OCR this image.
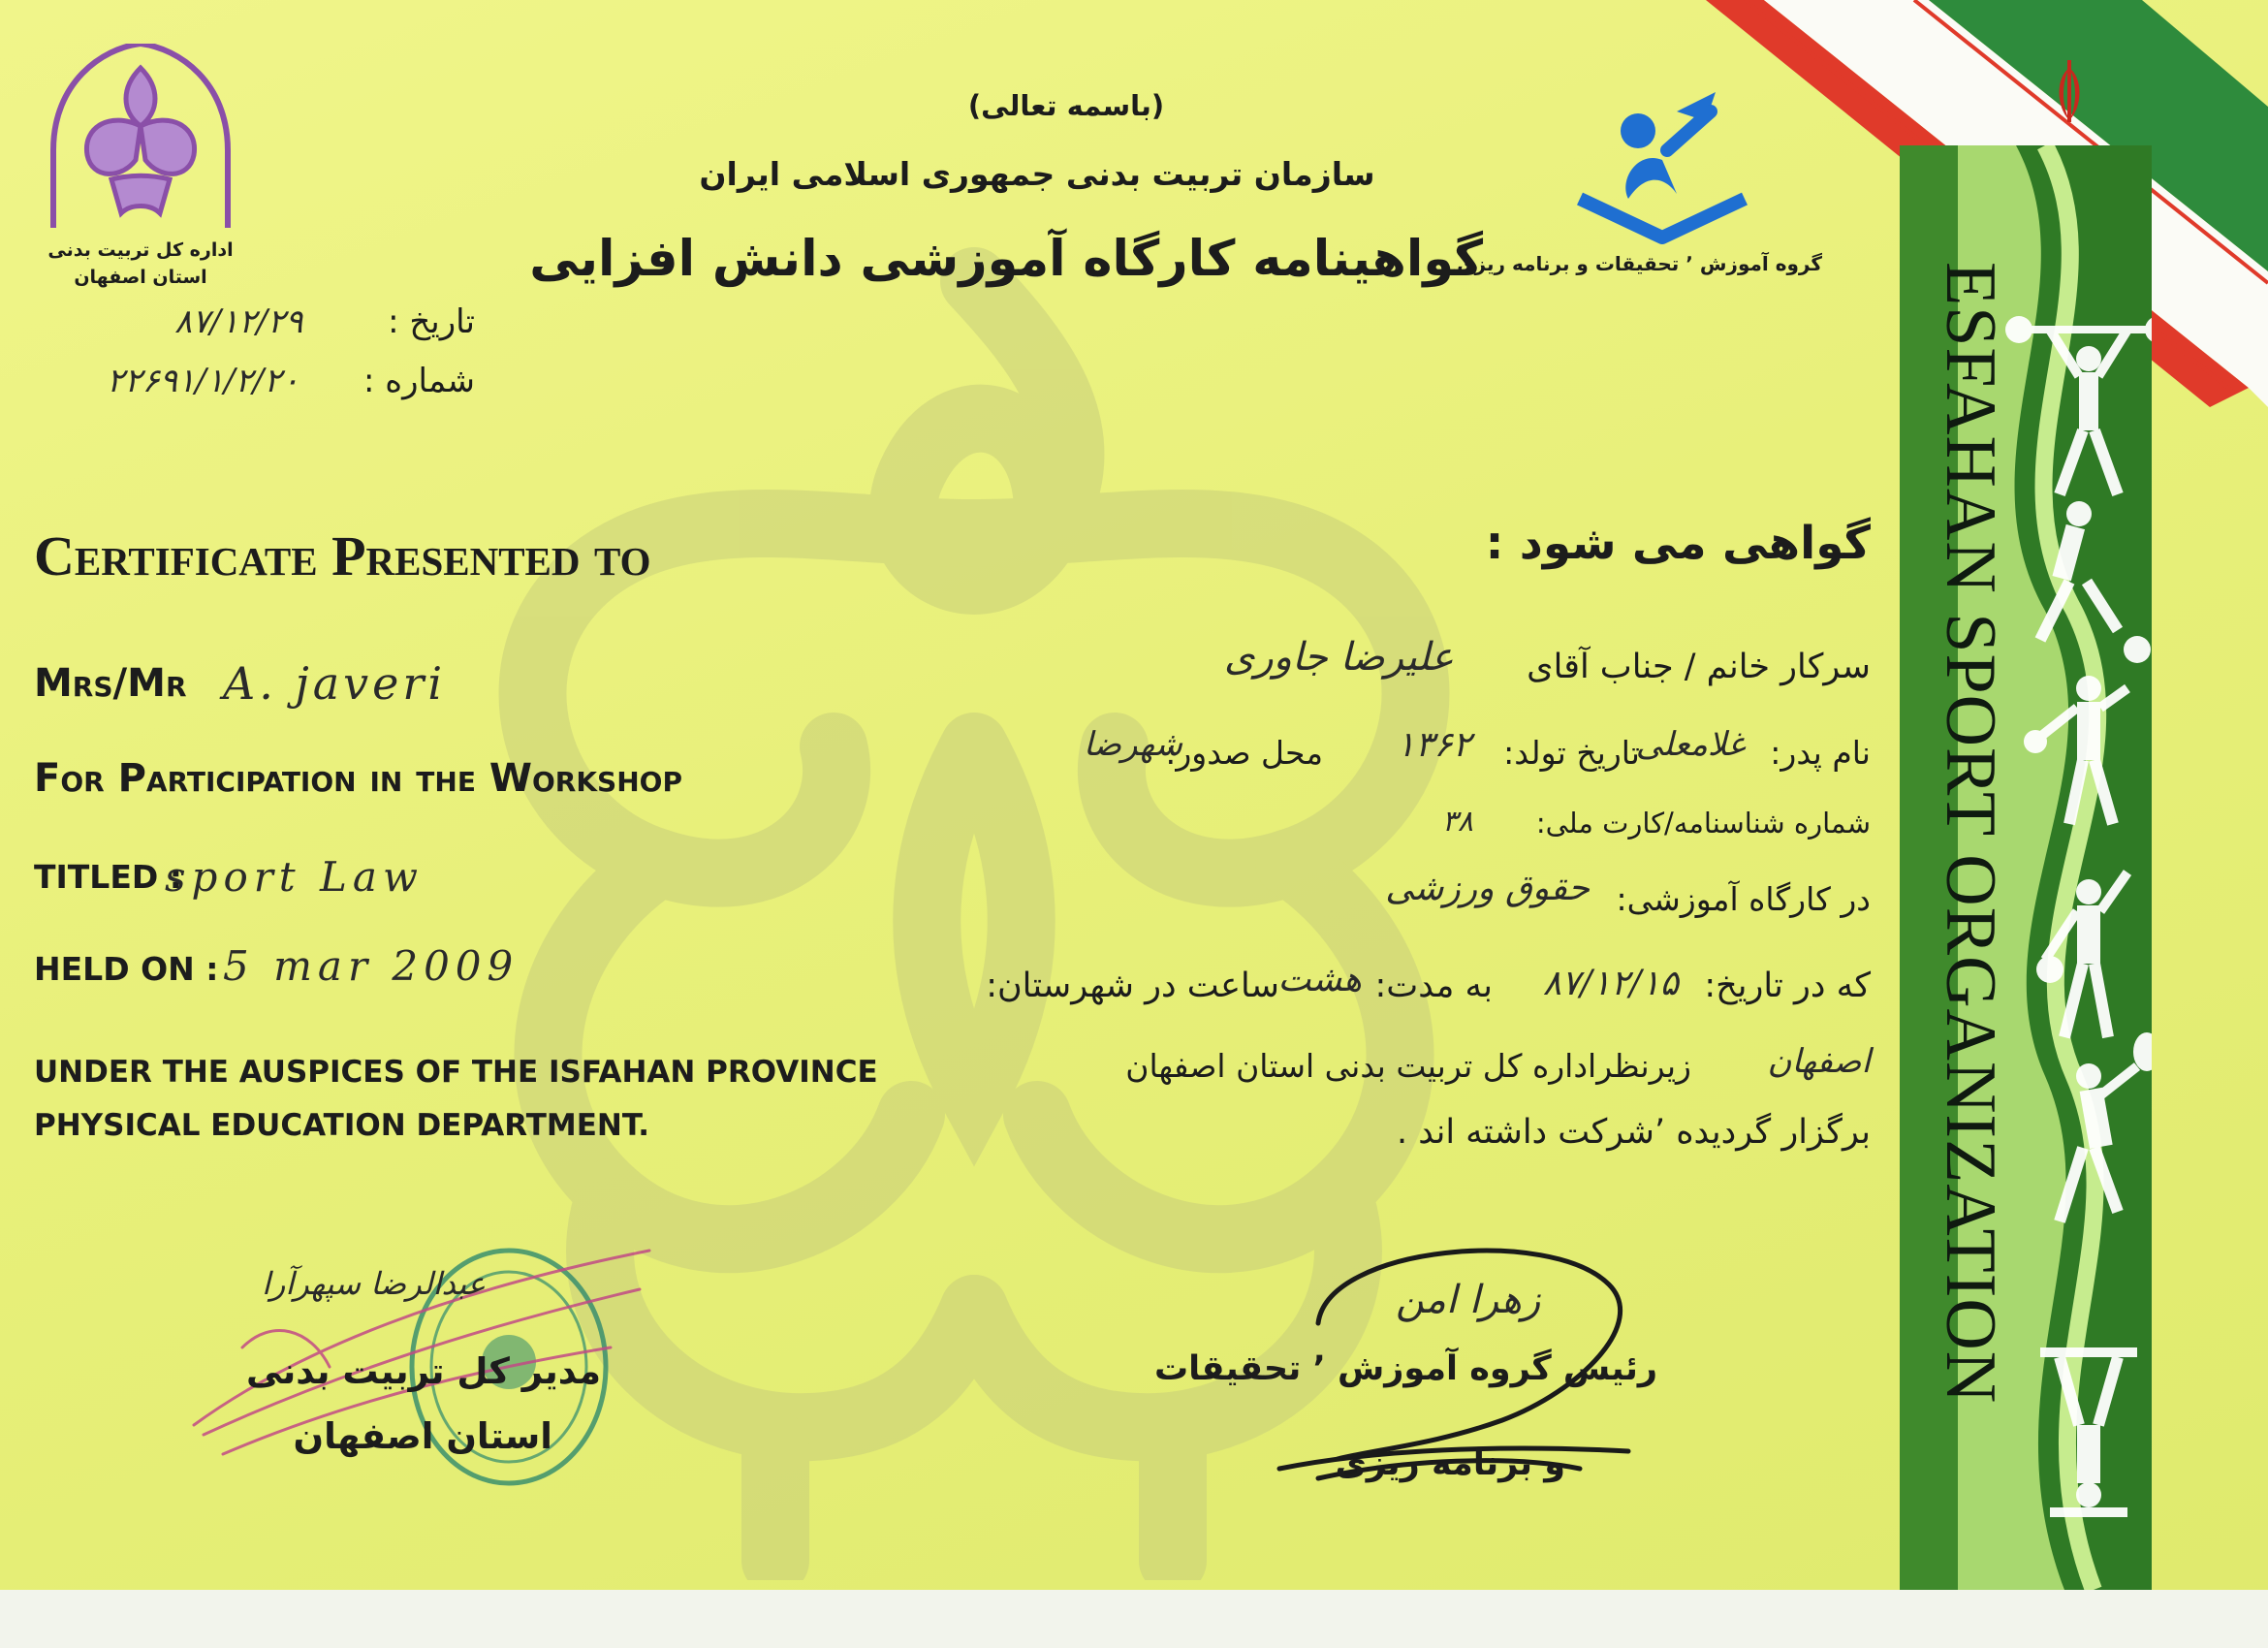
ESFAHAN SPORT ORGANIZATION
اداره کل تربیت بدنی
استان اصفهان
گروه آموزش ٬ تحقیقات و برنامه ریزی
(باسمه تعالی)
سازمان تربیت بدنی جمهوری اسلامی ایران
گواهینامه کارگاه آموزشی دانش افزایی
تاریخ :
۸۷/۱۲/۲۹
شماره :
۲۲۶۹۱/۱/۲/۲۰
Certificate Presented to
Mrs/Mr A. javeri
For Participation in the Workshop
TITLED :
sport Law
HELD ON : 5 mar 2009
UNDER THE AUSPICES OF THE ISFAHAN PROVINCE
PHYSICAL EDUCATION DEPARTMENT.
گواهی می شود :
سرکار خانم / جناب آقای
علیرضا جاوری
نام پدر:
غلامعلی
تاریخ تولد:
۱۳۶۲
محل صدور:
شهرضا
شماره شناسنامه/کارت ملی:
۳۸
در کارگاه آموزشی:
حقوق ورزشی
که در تاریخ:
۸۷/۱۲/۱۵
به مدت:
هشت
ساعت در شهرستان:
اصفهان
زیرنظراداره کل تربیت بدنی استان اصفهان
برگزار گردیده ٬شرکت داشته اند .
زهرا امن
رئیس گروه آموزش ٬ تحقیقات
و برنامه ریزی
عبدالرضا سپهرآرا
مدیر کل تربیت بدنی
استان اصفهان
